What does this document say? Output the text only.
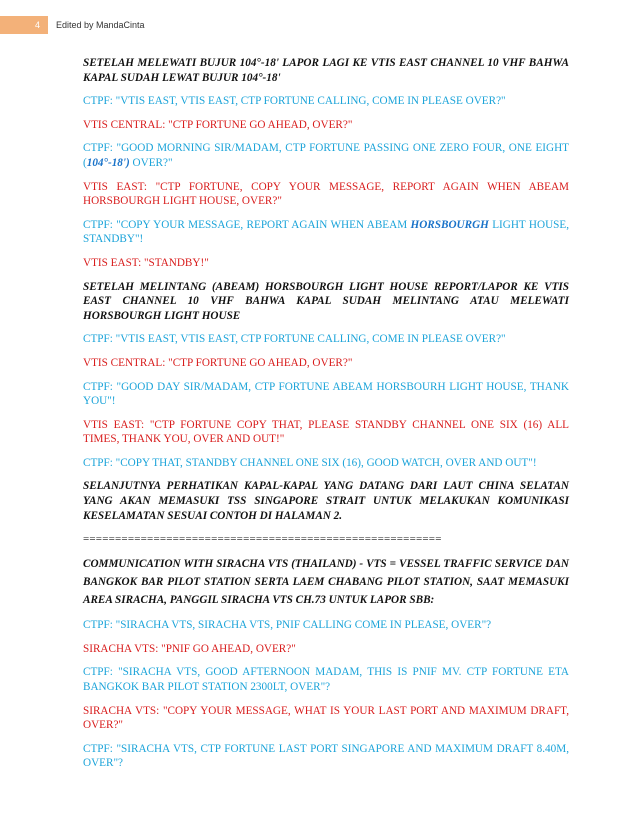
4	Edited by MandaCinta

SETELAH MELEWATI BUJUR 104°-18' LAPOR LAGI KE VTIS EAST CHANNEL 10 VHF BAHWA KAPAL SUDAH LEWAT BUJUR 104°-18'

CTPF: "VTIS EAST, VTIS EAST, CTP FORTUNE CALLING, COME IN PLEASE OVER?"

VTIS CENTRAL: "CTP FORTUNE GO AHEAD, OVER?"

CTPF: "GOOD MORNING SIR/MADAM, CTP FORTUNE PASSING ONE ZERO FOUR, ONE EIGHT (104°-18') OVER?"

VTIS EAST: "CTP FORTUNE, COPY YOUR MESSAGE, REPORT AGAIN WHEN ABEAM HORSBOURGH LIGHT HOUSE, OVER?"

CTPF: "COPY YOUR MESSAGE, REPORT AGAIN WHEN ABEAM HORSBOURGH LIGHT HOUSE, STANDBY"!

VTIS EAST: "STANDBY!"

SETELAH MELINTANG (ABEAM) HORSBOURGH LIGHT HOUSE REPORT/LAPOR KE VTIS EAST CHANNEL 10 VHF BAHWA KAPAL SUDAH MELINTANG ATAU MELEWATI HORSBOURGH LIGHT HOUSE

CTPF: "VTIS EAST, VTIS EAST, CTP FORTUNE CALLING, COME IN PLEASE OVER?"

VTIS CENTRAL: "CTP FORTUNE GO AHEAD, OVER?"

CTPF: "GOOD DAY SIR/MADAM, CTP FORTUNE ABEAM HORSBOURH LIGHT HOUSE, THANK YOU"!

VTIS EAST: "CTP FORTUNE COPY THAT, PLEASE STANDBY CHANNEL ONE SIX (16) ALL TIMES, THANK YOU, OVER AND OUT!"

CTPF: "COPY THAT, STANDBY CHANNEL ONE SIX (16), GOOD WATCH, OVER AND OUT"!

SELANJUTNYA PERHATIKAN KAPAL-KAPAL YANG DATANG DARI LAUT CHINA SELATAN YANG AKAN MEMASUKI TSS SINGAPORE STRAIT UNTUK MELAKUKAN KOMUNIKASI KESELAMATAN SESUAI CONTOH DI HALAMAN 2.

========================================================

COMMUNICATION WITH SIRACHA VTS (THAILAND) - VTS = VESSEL TRAFFIC SERVICE DAN BANGKOK BAR PILOT STATION SERTA LAEM CHABANG PILOT STATION, SAAT MEMASUKI AREA SIRACHA, PANGGIL SIRACHA VTS CH.73 UNTUK LAPOR SBB:

CTPF: "SIRACHA VTS, SIRACHA VTS, PNIF CALLING COME IN PLEASE, OVER"?

SIRACHA VTS: "PNIF GO AHEAD, OVER?"

CTPF: "SIRACHA VTS, GOOD AFTERNOON MADAM, THIS IS PNIF MV. CTP FORTUNE ETA BANGKOK BAR PILOT STATION 2300LT, OVER"?

SIRACHA VTS: "COPY YOUR MESSAGE, WHAT IS YOUR LAST PORT AND MAXIMUM DRAFT, OVER?"

CTPF: "SIRACHA VTS, CTP FORTUNE LAST PORT SINGAPORE AND MAXIMUM DRAFT 8.40M, OVER"?
